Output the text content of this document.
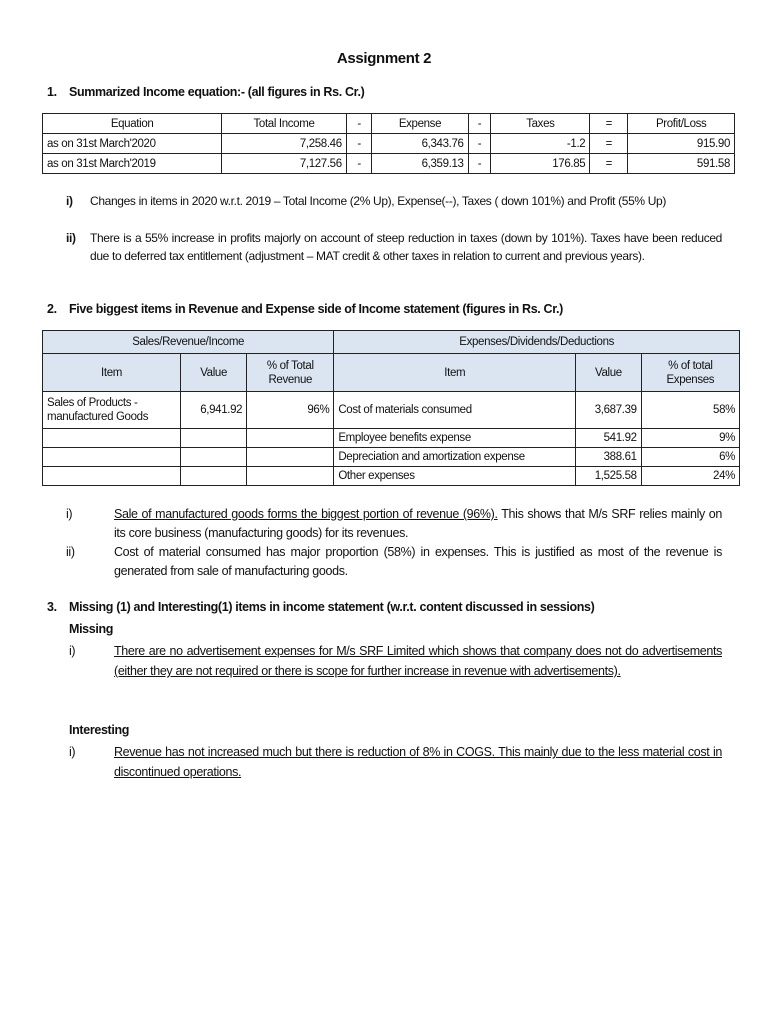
Assignment 2
1. Summarized Income equation:- (all figures in Rs. Cr.)
Equation	Total Income	-	Expense	-	Taxes	=	Profit/Loss
as on 31st March'2020	7,258.46	-	6,343.76	-	-1.2	=	915.90
as on 31st March'2019	7,127.56	-	6,359.13	-	176.85	=	591.58
i)	Changes in items in 2020 w.r.t. 2019 – Total Income (2% Up), Expense(--), Taxes ( down 101%) and Profit (55% Up)
ii)	There is a 55% increase in profits majorly on account of steep reduction in taxes (down by 101%). Taxes have been reduced due to deferred tax entitlement (adjustment – MAT credit & other taxes in relation to current and previous years).
2. Five biggest items in Revenue and Expense side of Income statement (figures in Rs. Cr.)
Sales/Revenue/Income			Expenses/Dividends/Deductions		
Item	Value	% of Total Revenue	Item	Value	% of total Expenses
Sales of Products - manufactured Goods	6,941.92	96%	Cost of materials consumed	3,687.39	58%
			Employee benefits expense	541.92	9%
			Depreciation and amortization expense	388.61	6%
			Other expenses	1,525.58	24%
i)	Sale of manufactured goods forms the biggest portion of revenue (96%). This shows that M/s SRF relies mainly on its core business (manufacturing goods) for its revenues.
ii)	Cost of material consumed has major proportion (58%) in expenses. This is justified as most of the revenue is generated from sale of manufacturing goods.
3. Missing (1) and Interesting(1) items in income statement (w.r.t. content discussed in sessions)
Missing
i)	There are no advertisement expenses for M/s SRF Limited which shows that company does not do advertisements (either they are not required or there is scope for further increase in revenue with advertisements).
Interesting
i)	Revenue has not increased much but there is reduction of 8% in COGS. This mainly due to the less material cost in discontinued operations.
